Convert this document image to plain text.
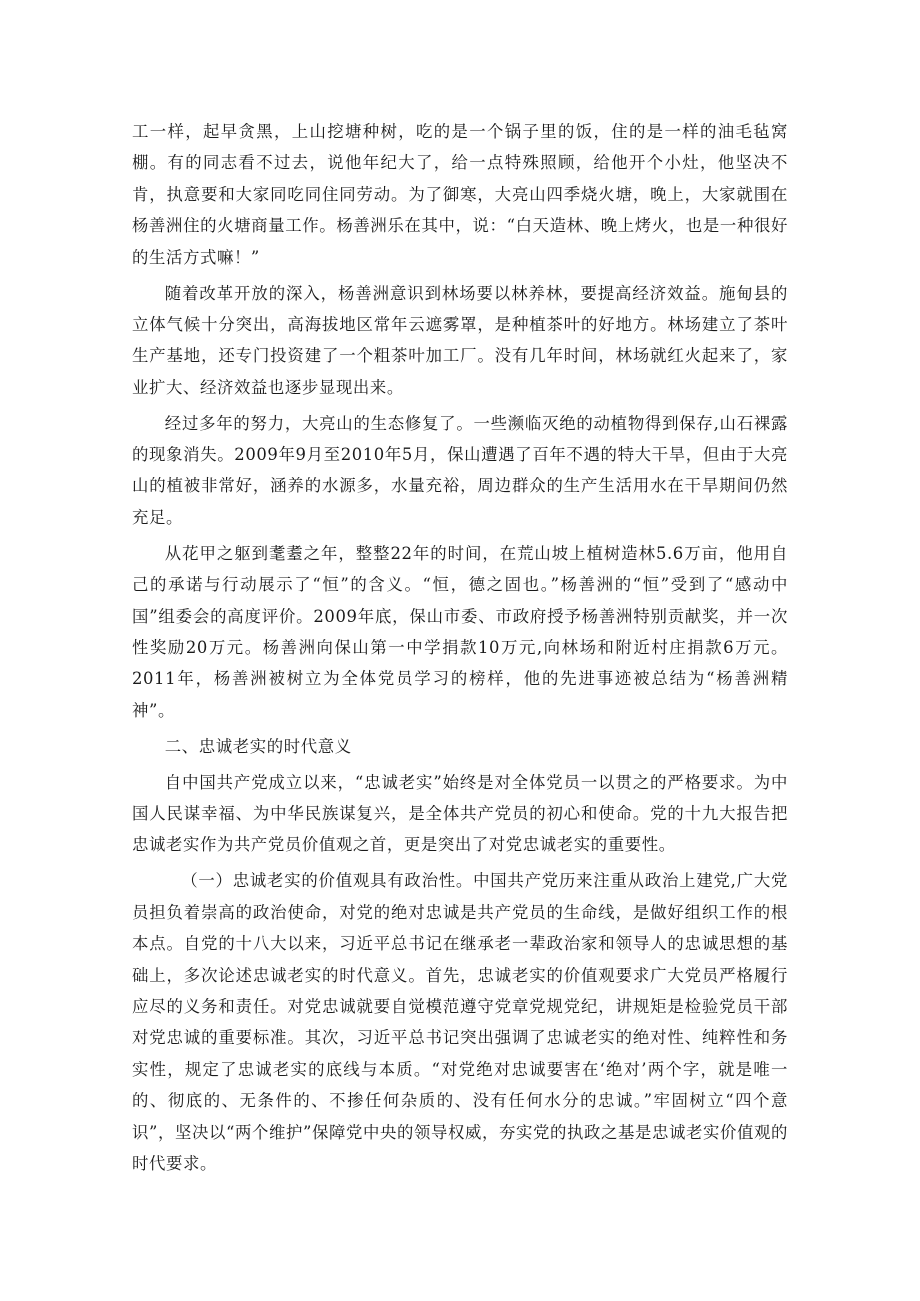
工一样，起早贪黑，上山挖塘种树，吃的是一个锅子里的饭，住的是一样的油毛毡窝棚。有的同志看不过去，说他年纪大了，给一点特殊照顾，给他开个小灶，他坚决不肯，执意要和大家同吃同住同劳动。为了御寒，大亮山四季烧火塘，晚上，大家就围在杨善洲住的火塘商量工作。杨善洲乐在其中，说：“白天造林、晚上烤火，也是一种很好的生活方式嘛！”

随着改革开放的深入，杨善洲意识到林场要以林养林，要提高经济效益。施甸县的立体气候十分突出，高海拔地区常年云遮雾罩，是种植茶叶的好地方。林场建立了茶叶生产基地，还专门投资建了一个粗茶叶加工厂。没有几年时间，林场就红火起来了，家业扩大、经济效益也逐步显现出来。

经过多年的努力，大亮山的生态修复了。一些濒临灭绝的动植物得到保存,山石裸露的现象消失。2009年9月至2010年5月，保山遭遇了百年不遇的特大干旱，但由于大亮山的植被非常好，涵养的水源多，水量充裕，周边群众的生产生活用水在干旱期间仍然充足。

从花甲之躯到耄耋之年，整整22年的时间，在荒山坡上植树造林5.6万亩，他用自己的承诺与行动展示了“恒”的含义。“恒，德之固也。”杨善洲的“恒”受到了“感动中国”组委会的高度评价。2009年底，保山市委、市政府授予杨善洲特别贡献奖，并一次性奖励20万元。杨善洲向保山第一中学捐款10万元,向林场和附近村庄捐款6万元。2011年，杨善洲被树立为全体党员学习的榜样，他的先进事迹被总结为“杨善洲精神”。

二、忠诚老实的时代意义

自中国共产党成立以来，“忠诚老实”始终是对全体党员一以贯之的严格要求。为中国人民谋幸福、为中华民族谋复兴，是全体共产党员的初心和使命。党的十九大报告把忠诚老实作为共产党员价值观之首，更是突出了对党忠诚老实的重要性。

（一）忠诚老实的价值观具有政治性。中国共产党历来注重从政治上建党,广大党员担负着崇高的政治使命，对党的绝对忠诚是共产党员的生命线，是做好组织工作的根本点。自党的十八大以来，习近平总书记在继承老一辈政治家和领导人的忠诚思想的基础上，多次论述忠诚老实的时代意义。首先，忠诚老实的价值观要求广大党员严格履行应尽的义务和责任。对党忠诚就要自觉模范遵守党章党规党纪，讲规矩是检验党员干部对党忠诚的重要标准。其次，习近平总书记突出强调了忠诚老实的绝对性、纯粹性和务实性，规定了忠诚老实的底线与本质。“对党绝对忠诚要害在‘绝对’两个字，就是唯一的、彻底的、无条件的、不掺任何杂质的、没有任何水分的忠诚。”牢固树立“四个意识”，坚决以“两个维护”保障党中央的领导权威，夯实党的执政之基是忠诚老实价值观的时代要求。
